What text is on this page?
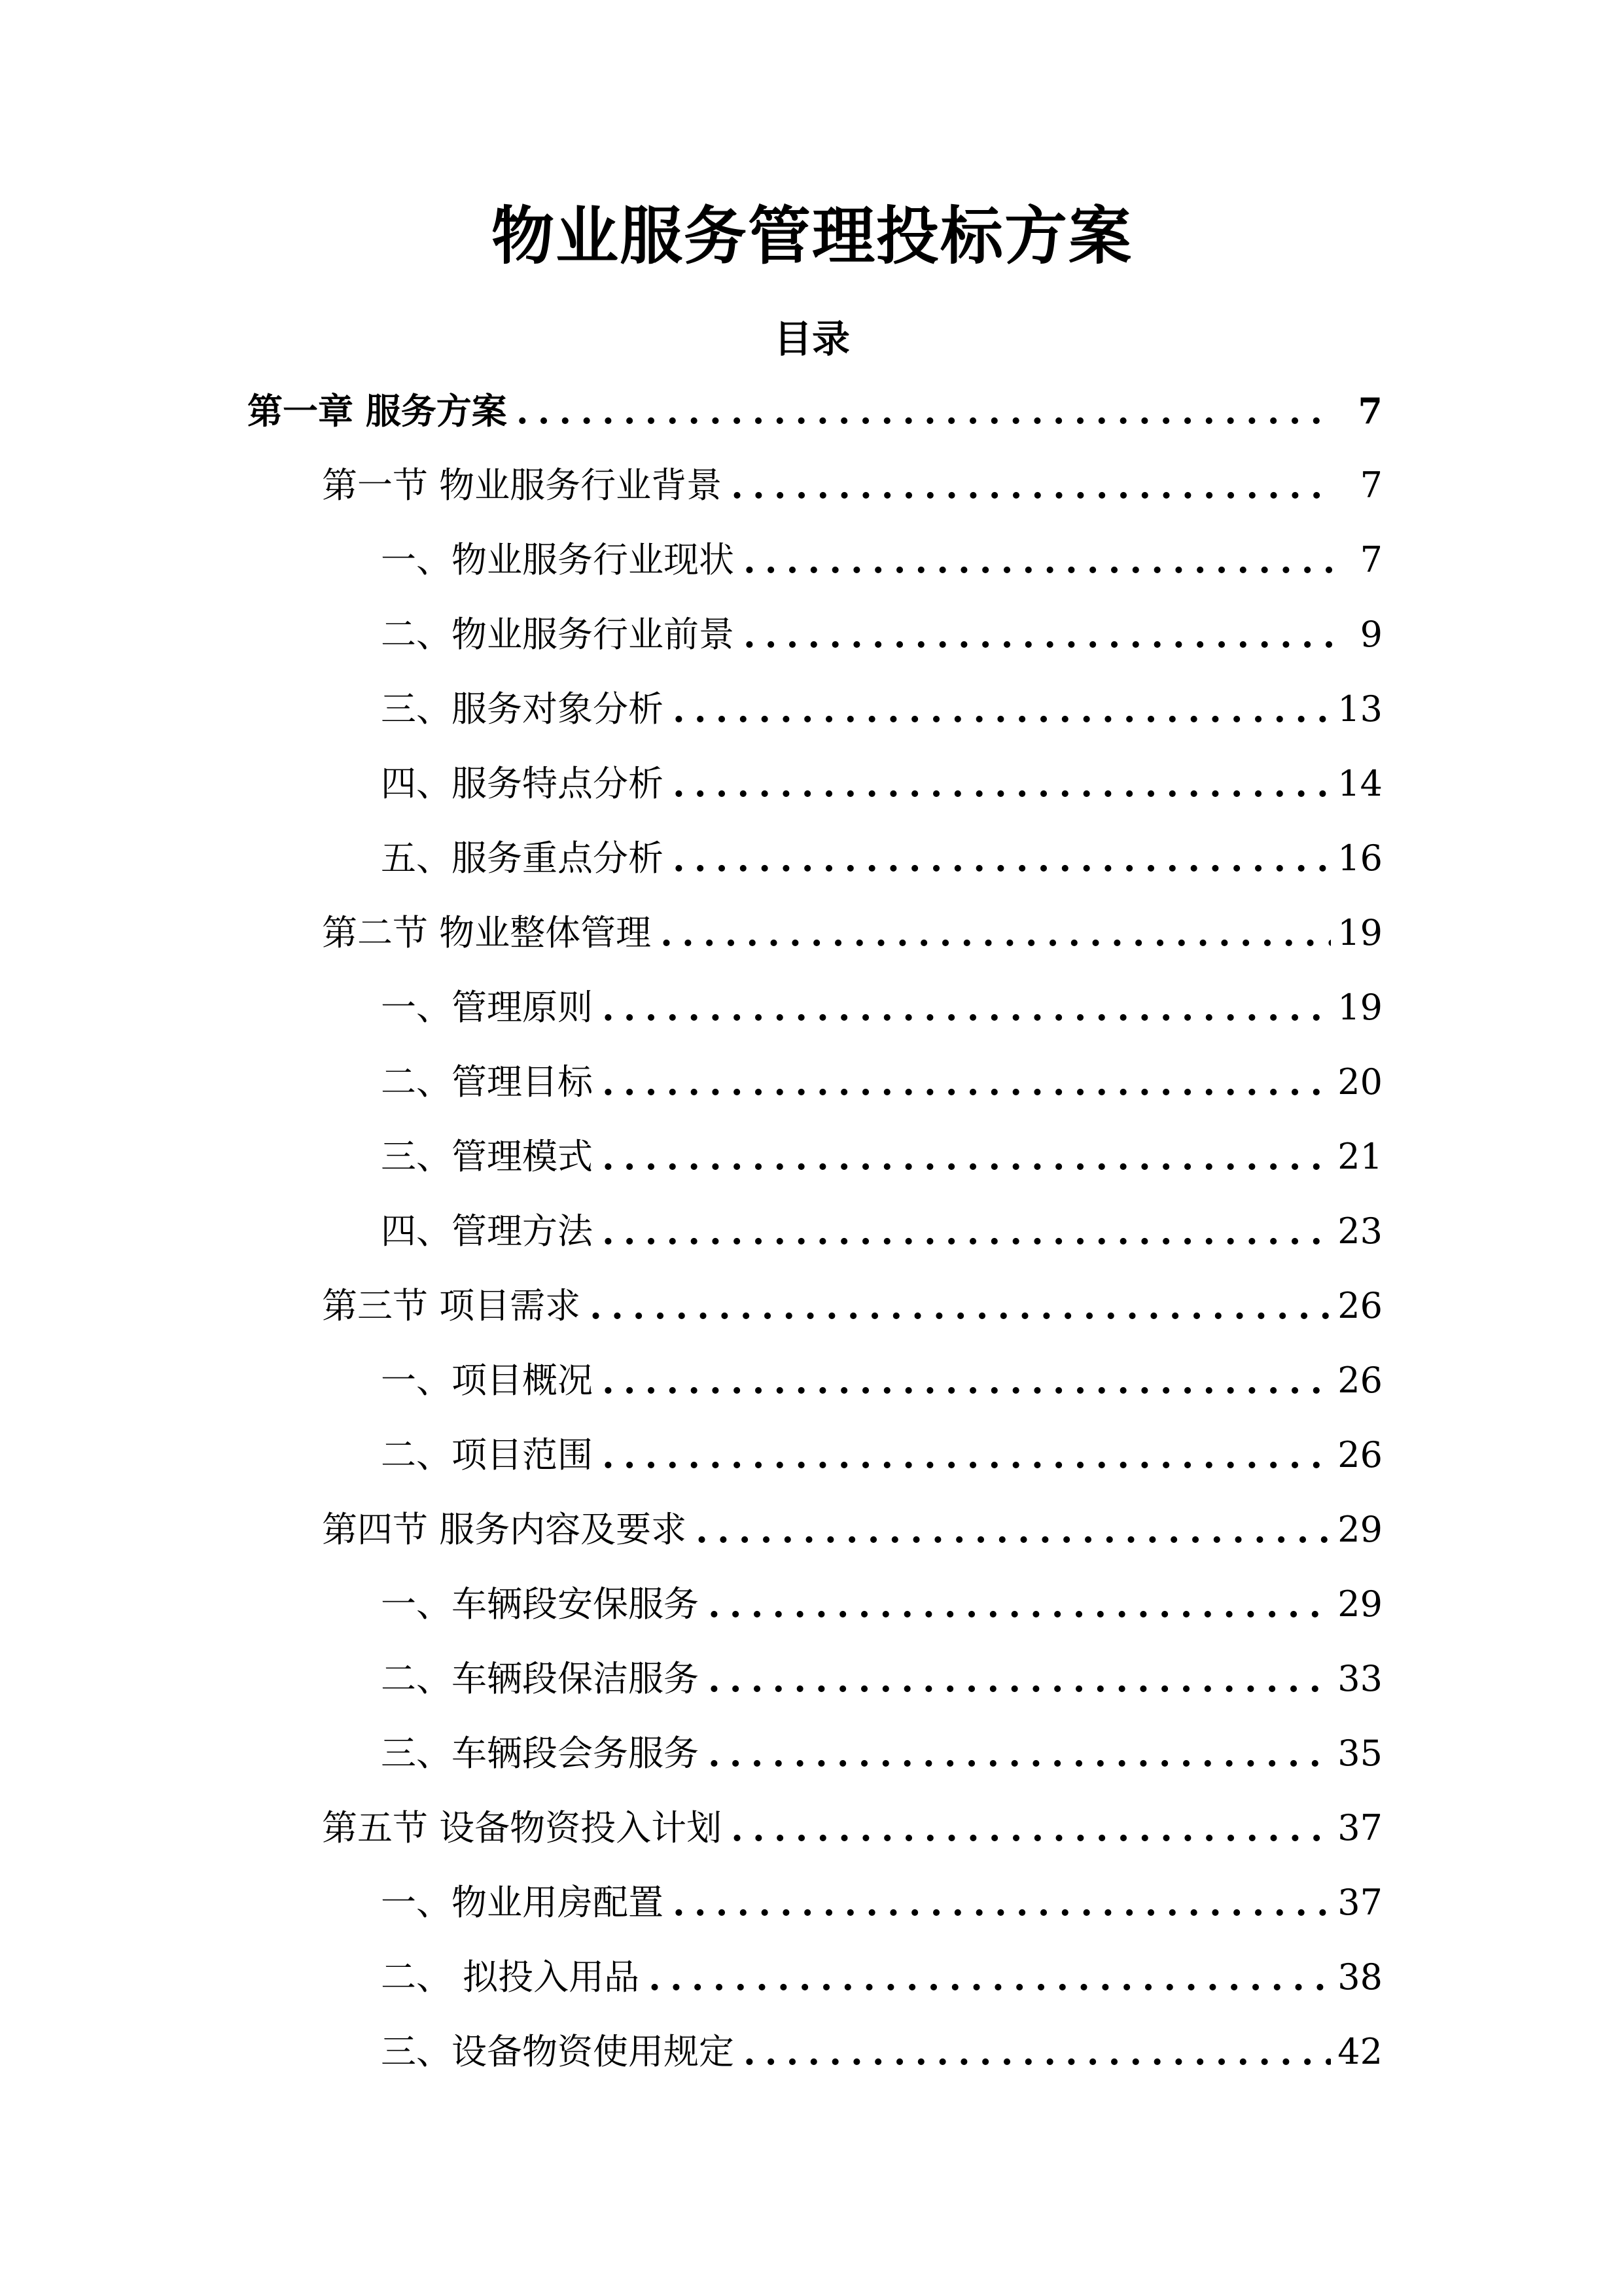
物业服务管理投标方案
目录
第一章 服务方案 .....	7
第一节 物业服务行业背景 .....	7
一、物业服务行业现状 .....	7
二、物业服务行业前景 .....	9
三、服务对象分析 .....	13
四、服务特点分析 .....	14
五、服务重点分析 .....	16
第二节 物业整体管理 .....	19
一、管理原则 .....	19
二、管理目标 .....	20
三、管理模式 .....	21
四、管理方法 .....	23
第三节 项目需求 .....	26
一、项目概况 .....	26
二、项目范围 .....	26
第四节 服务内容及要求 .....	29
一、车辆段安保服务 .....	29
二、车辆段保洁服务 .....	33
三、车辆段会务服务 .....	35
第五节 设备物资投入计划 .....	37
一、物业用房配置 .....	37
二、 拟投入用品 .....	38
三、设备物资使用规定 .....	42
